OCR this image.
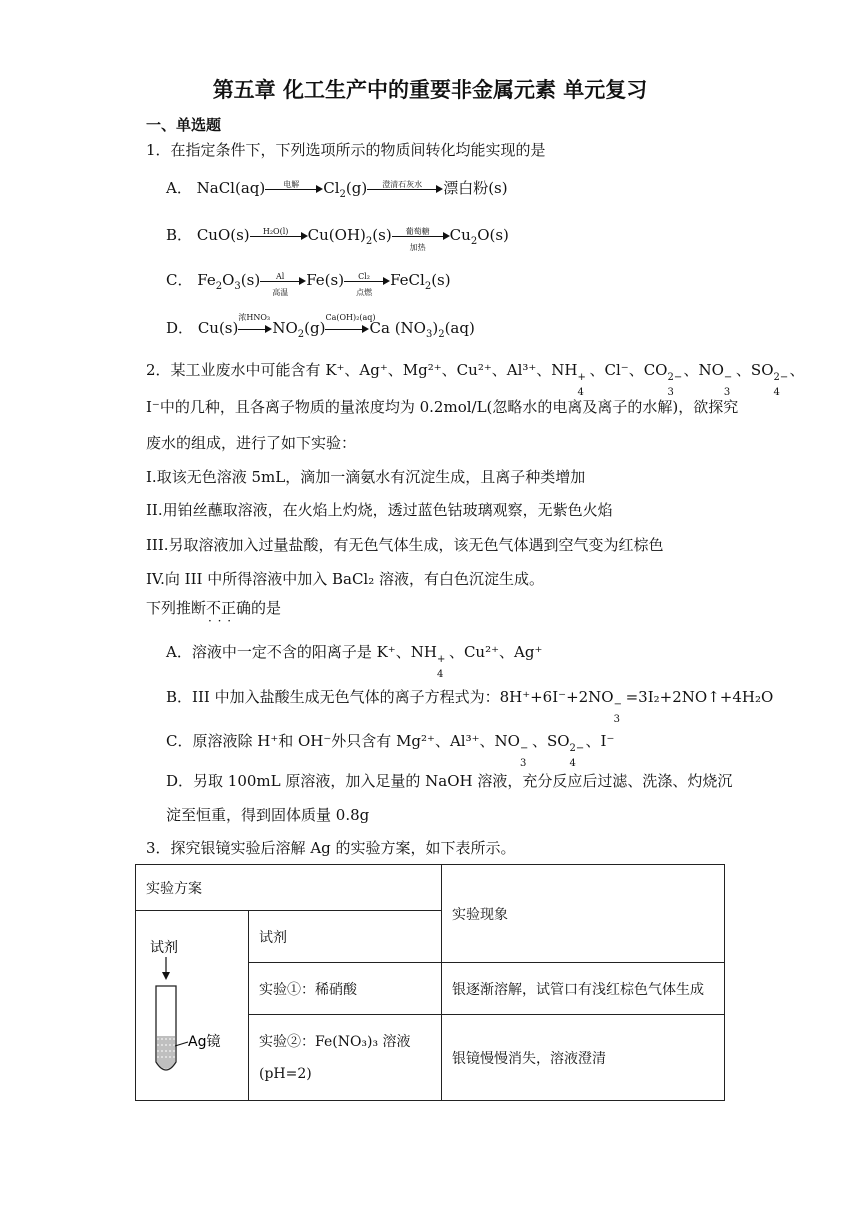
第五章 化工生产中的重要非金属元素 单元复习
一、单选题
1．在指定条件下，下列选项所示的物质间转化均能实现的是
A． NaCl(aq)	电解	$Cl_2(g)$	澄清石灰水	漂白粉(s)
B． CuO(s)	H₂O(l)	$Cu(OH)_2(s)$	葡萄糖
加热
$Cu_2O(s)$
C． $Fe_2O_3(s)$	Al
高温
Fe(s)	Cl₂
点燃
FeCl$_2$(s)
D． Cu(s)
浓HNO₃
$NO_2(g)$
Ca(OH)₂(aq)
Ca $(NO_3)_2(aq)$
2．某工业废水中可能含有 K⁺、Ag⁺、Mg²⁺、Cu²⁺、Al³⁺、NH +
4
、Cl⁻、CO 2−
3
、NO −
3
、SO 2−
4
、
I⁻中的几种，且各离子物质的量浓度均为 0.2mol/L(忽略水的电离及离子的水解)，欲探究
废水的组成，进行了如下实验：
I.取该无色溶液 5mL，滴加一滴氨水有沉淀生成，且离子种类增加
II.用铂丝蘸取溶液，在火焰上灼烧，透过蓝色钴玻璃观察，无紫色火焰
III.另取溶液加入过量盐酸，有无色气体生成，该无色气体遇到空气变为红棕色
IV.向 III 中所得溶液中加入 BaCl₂ 溶液，有白色沉淀生成。
下列推断不正确 · · ·的是
A．溶液中一定不含的阳离子是 K⁺、NH +
4
、Cu²⁺、Ag⁺
B．III 中加入盐酸生成无色气体的离子方程式为：8H⁺+6I⁻+2NO −
3
=3I₂+2NO↑+4H₂O
C．原溶液除 H⁺和 OH⁻外只含有 Mg²⁺、Al³⁺、NO −
3
、SO 2−
4
、I⁻
D．另取 100mL 原溶液，加入足量的 NaOH 溶液，充分反应后过滤、洗涤、灼烧沉
淀至恒重，得到固体质量 0.8g
3．探究银镜实验后溶解 Ag 的实验方案，如下表所示。
实验方案		实验现象

试剂
Ag镜	试剂	
	实验①：稀硝酸	银逐渐溶解，试管口有浅红棕色气体生成
	实验②：Fe(NO₃)₃ 溶液
(pH=2)	银镜慢慢消失，溶液澄清
